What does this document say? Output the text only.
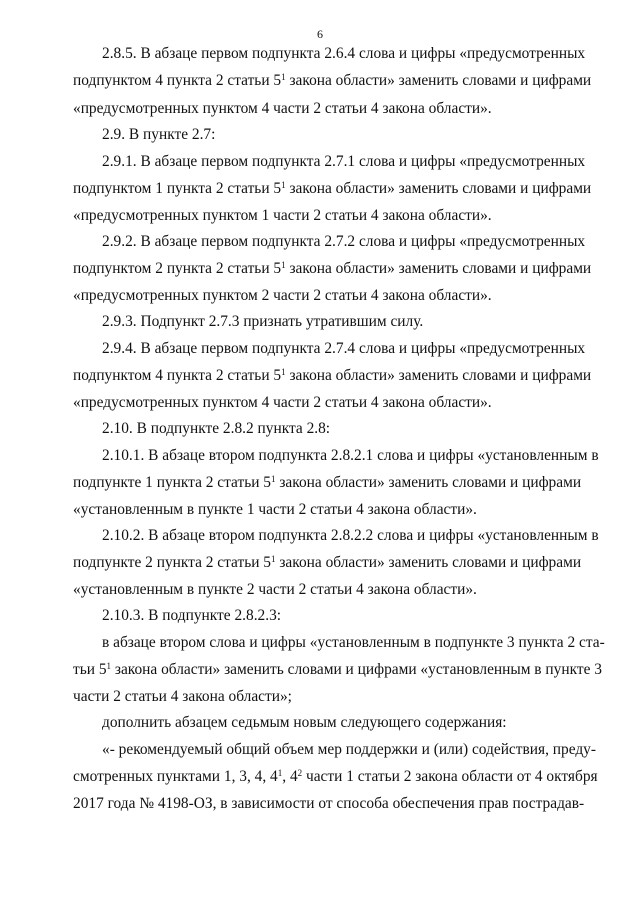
6
2.8.5. В абзаце первом подпункта 2.6.4 слова и цифры «предусмотренных
подпунктом 4 пункта 2 статьи $5^1$ закона области» заменить словами и цифрами
«предусмотренных пунктом 4 части 2 статьи 4 закона области».
2.9. В пункте 2.7:
2.9.1. В абзаце первом подпункта 2.7.1 слова и цифры «предусмотренных
подпунктом 1 пункта 2 статьи $5^1$ закона области» заменить словами и цифрами
«предусмотренных пунктом 1 части 2 статьи 4 закона области».
2.9.2. В абзаце первом подпункта 2.7.2 слова и цифры «предусмотренных
подпунктом 2 пункта 2 статьи $5^1$ закона области» заменить словами и цифрами
«предусмотренных пунктом 2 части 2 статьи 4 закона области».
2.9.3. Подпункт 2.7.3 признать утратившим силу.
2.9.4. В абзаце первом подпункта 2.7.4 слова и цифры «предусмотренных
подпунктом 4 пункта 2 статьи $5^1$ закона области» заменить словами и цифрами
«предусмотренных пунктом 4 части 2 статьи 4 закона области».
2.10. В подпункте 2.8.2 пункта 2.8:
2.10.1. В абзаце втором подпункта 2.8.2.1 слова и цифры «установленным в
подпункте 1 пункта 2 статьи $5^1$ закона области» заменить словами и цифрами
«установленным в пункте 1 части 2 статьи 4 закона области».
2.10.2. В абзаце втором подпункта 2.8.2.2 слова и цифры «установленным в
подпункте 2 пункта 2 статьи $5^1$ закона области» заменить словами и цифрами
«установленным в пункте 2 части 2 статьи 4 закона области».
2.10.3. В подпункте 2.8.2.3:
в абзаце втором слова и цифры «установленным в подпункте 3 пункта 2 ста-
тьи $5^1$ закона области» заменить словами и цифрами «установленным в пункте 3
части 2 статьи 4 закона области»;
дополнить абзацем седьмым новым следующего содержания:
«- рекомендуемый общий объем мер поддержки и (или) содействия, преду-
смотренных пунктами 1, 3, 4, $4^1$, $4^2$ части 1 статьи 2 закона области от 4 октября
2017 года № 4198-ОЗ, в зависимости от способа обеспечения прав пострадав-
